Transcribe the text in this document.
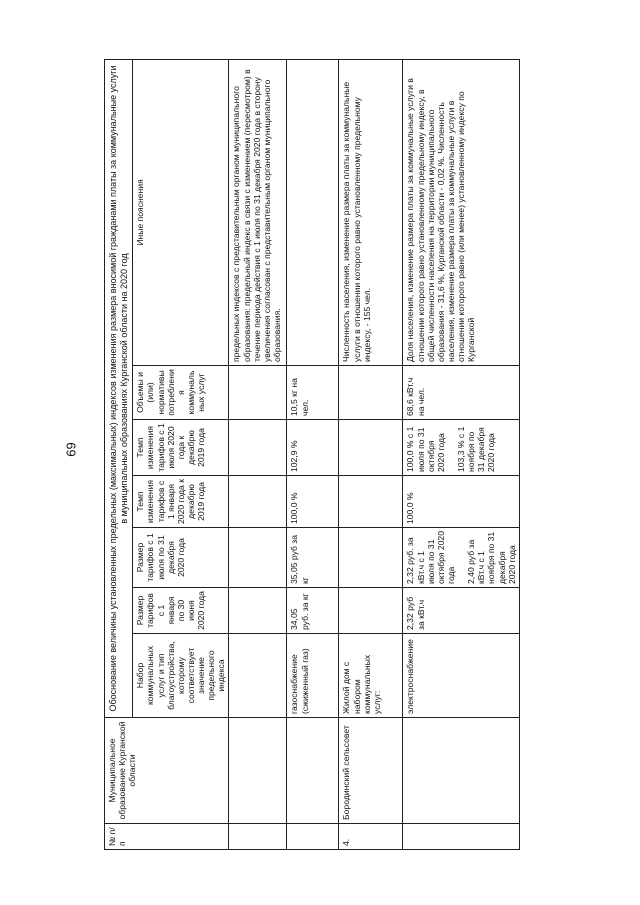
69
№ п/п	Муниципальное образование Курганской области	Обоснование величины установленных предельных (максимальных) индексов изменения размера вносимой гражданами платы за коммунальные услуги в муниципальных образованиях Курганской области на 2020 год						
		Набор коммунальных услуг и тип благоустройства, которому соответствует значение предельного индекса	Размер тарифов с 1 января по 30 июня 2020 года	Размер тарифов с 1 июля по 31 декабря 2020 года	Темп изменения тарифов с 1 января 2020 года к декабрю 2019 года	Темп изменения тарифов с 1 июля 2020 года к декабрю 2019 года	Объемы и (или) нормативы потребления коммунальных услуг	Иные пояснения
								предельных индексов с представительным органом муниципального образования: предельный индекс в связи с изменением (пересмотром) в течение периода действия с 1 июля по 31 декабря 2020 года в сторону увеличения согласован с представительным органом муниципального образования.
		газоснабжение (сжиженный газ)	34,05 руб. за кг	35,05 руб за кг	100,0 %	102,9 %	10,5 кг на чел.	
4.	Бородинский сельсовет	Жилой дом с набором коммунальных услуг:						Численность населения, изменение размера платы за коммунальные услуги в отношении которого равно установленному предельному индексу, - 155 чел.
		электроснабжение	2,32 руб за кВт.ч	2,32 руб. за кВт.ч с 1 июля по 31 октября 2020 года 2,40 руб за кВт.ч с 1 ноября по 31 декабря 2020 года	100,0 %	100,0 % с 1 июля по 31 октября 2020 года 103,3 % с 1 ноября по 31 декабря 2020 года	68,6 кВт.ч на чел.	Доля населения, изменение размера платы за коммунальные услуги в отношении которого равно установленному предельному индексу, в общей численности населения на территории муниципального образования - 31,6 %, Курганской области - 0,02 %. Численность населения, изменение размера платы за коммунальные услуги в отношении которого равно (или менее) установленному индексу по Курганской
